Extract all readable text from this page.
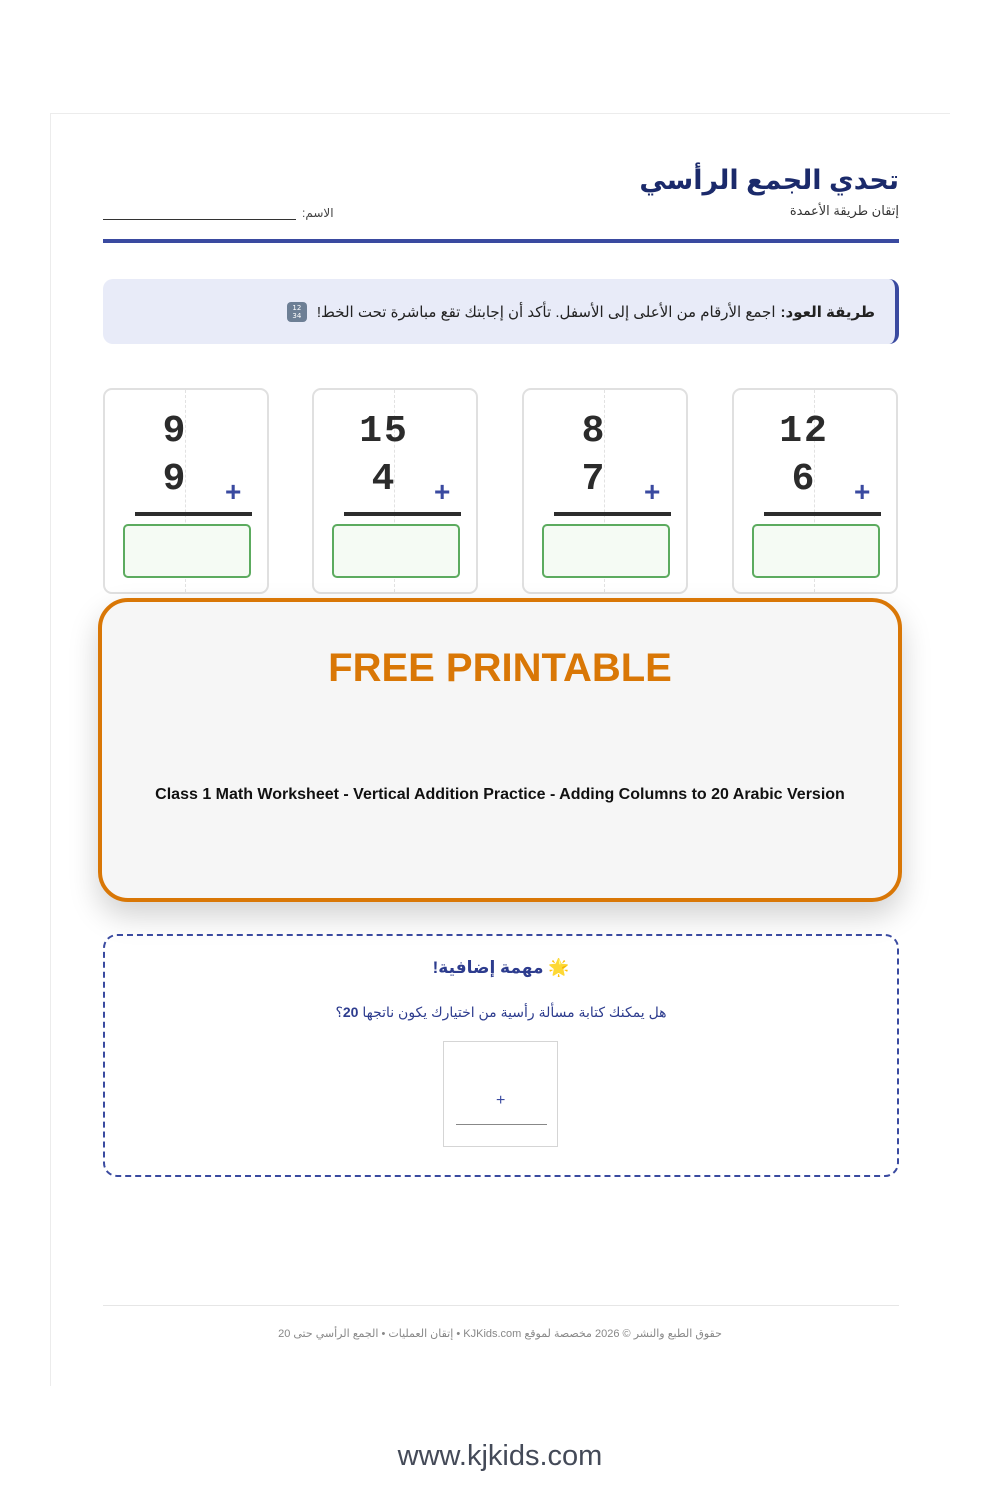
تحدي الجمع الرأسي
إتقان طريقة الأعمدة
الاسم:
طريقة العود:
اجمع الأرقام من الأعلى إلى الأسفل. تأكد أن إجابتك تقع مباشرة تحت الخط!
12
34
9
9 +
15
4 +
8
7 +
12
6 +
FREE PRINTABLE
Class 1 Math Worksheet - Vertical Addition Practice - Adding Columns to 20 Arabic Version
🌟 مهمة إضافية!
هل يمكنك كتابة مسألة رأسية من اختيارك يكون ناتجها 20؟
+
حقوق الطبع والنشر © 2026 مخصصة لموقع KJKids.com • إتقان العمليات • الجمع الرأسي حتى 20
www.kjkids.com
